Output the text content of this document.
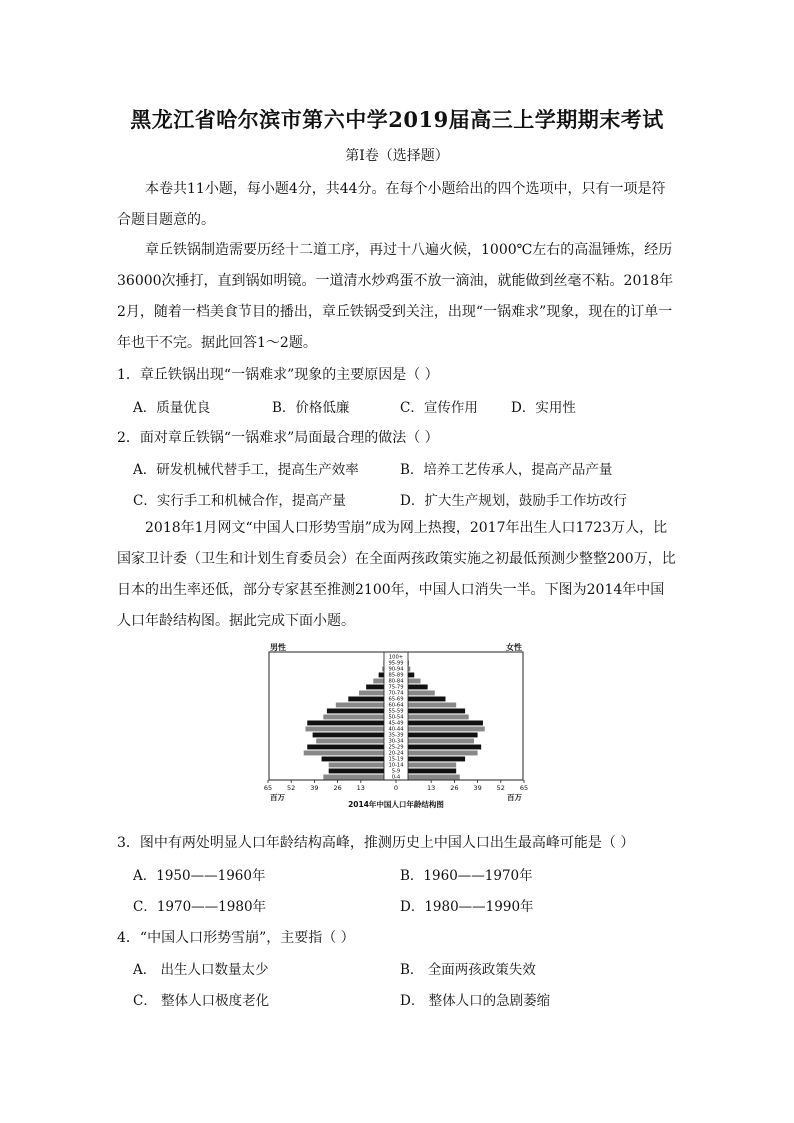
黑龙江省哈尔滨市第六中学2019届高三上学期期末考试
第Ⅰ卷（选择题）
本卷共11小题，每小题4分，共44分。在每个小题给出的四个选项中，只有一项是符合题目题意的。
章丘铁锅制造需要历经十二道工序，再过十八遍火候，1000℃左右的高温锤炼，经历36000次捶打，直到锅如明镜。一道清水炒鸡蛋不放一滴油，就能做到丝毫不粘。2018年2月，随着一档美食节目的播出，章丘铁锅受到关注，出现“一锅难求”现象，现在的订单一年也干不完。据此回答1～2题。
1．章丘铁锅出现“一锅难求”现象的主要原因是（ ）
A．质量优良	B．价格低廉	C．宣传作用 D．实用性
2．面对章丘铁锅“一锅难求”局面最合理的做法（ ）
A．研发机械代替手工，提高生产效率	B．培养工艺传承人，提高产品产量
C．实行手工和机械合作，提高产量	D．扩大生产规划，鼓励手工作坊改行
2018年1月网文“中国人口形势雪崩”成为网上热搜，2017年出生人口1723万人，比国家卫计委（卫生和计划生育委员会）在全面两孩政策实施之初最低预测少整整200万，比日本的出生率还低，部分专家甚至推测2100年，中国人口消失一半。下图为2014年中国人口年龄结构图。据此完成下面小题。
男性	女性
100+
95-99
90-94
85-89
80-84
75-79
70-74
65-69
60-64
55-59
50-54
45-49
40-44
35-39
30-34
25-29
20-24
15-19
10-14
5-9
0-4
65 52 39 26 13	0	13 26 39 52 65
百万	百万
2014年中国人口年龄结构图
3．图中有两处明显人口年龄结构高峰，推测历史上中国人口出生最高峰可能是（ ）
A．1950——1960年	B．1960——1970年
C．1970——1980年	D．1980——1990年
4．“中国人口形势雪崩”，主要指（ ）
A． 出生人口数量太少	B． 全面两孩政策失效
C． 整体人口极度老化	D． 整体人口的急剧萎缩
